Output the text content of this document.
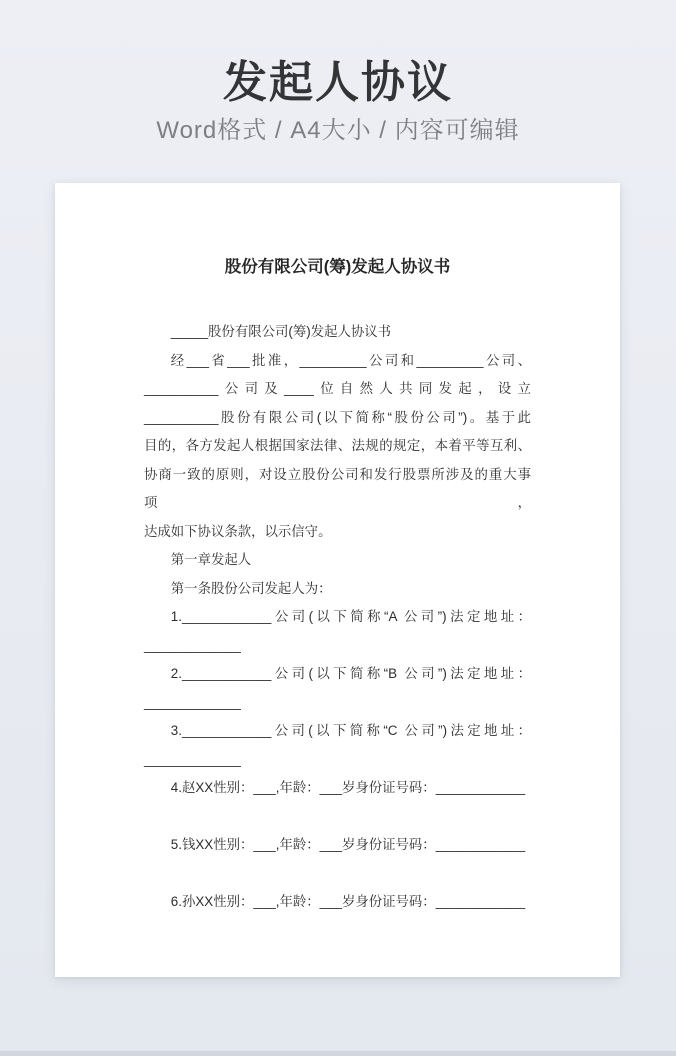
发起人协议
Word格式 / A4大小 / 内容可编辑
股份有限公司(筹)发起人协议书
_____股份有限公司(筹)发起人协议书
经___省___批准，_________公司和_________公司、
__________公司及____位自然人共同发起，设立
__________股份有限公司(以下简称“股份公司”)。基于此
目的，各方发起人根据国家法律、法规的规定，本着平等互利、
协商一致的原则，对设立股份公司和发行股票所涉及的重大事项，
达成如下协议条款，以示信守。
第一章发起人
第一条股份公司发起人为：
1.____________公司(以下简称“A 公司”)法定地址：
_____________
2.____________公司(以下简称“B 公司”)法定地址：
_____________
3.____________公司(以下简称“C 公司”)法定地址：
_____________
4.赵XX性别：___,年龄：___岁身份证号码：____________
5.钱XX性别：___,年龄：___岁身份证号码：____________
6.孙XX性别：___,年龄：___岁身份证号码：____________
